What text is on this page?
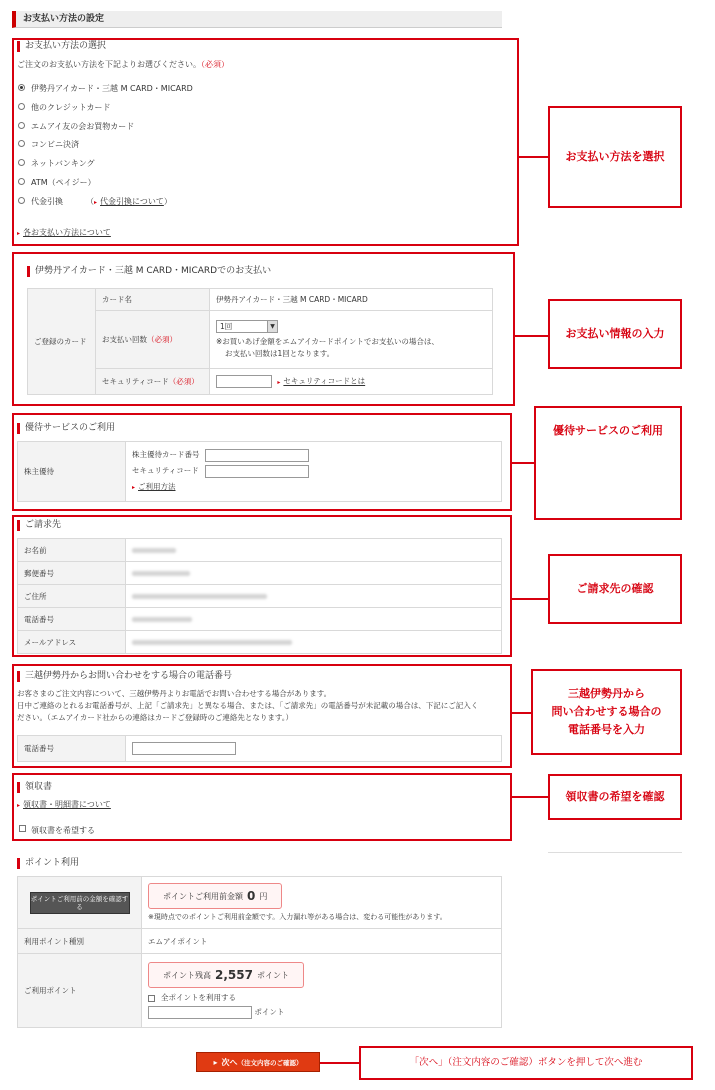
お支払い方法の設定
お支払い方法の選択
ご注文のお支払い方法を下記よりお選びください。（必須）
伊勢丹アイカード・三越 M CARD・MICARD
他のクレジットカード
エムアイ友の会お買物カード
コンビニ決済
ネットバンキング
ATM（ペイジー）
代金引換	（▸ 代金引換について）
▸ 各お支払い方法について
伊勢丹アイカード・三越 M CARD・MICARDでのお支払い
ご登録のカード	カード名	伊勢丹アイカード・三越 M CARD・MICARD
	お支払い回数（必須）	1回 ▼
※お買いあげ金額をエムアイカードポイントでお支払いの場合は、
お支払い回数は1回となります。

	セキュリティコード（必須）	▸ セキュリティコードとは
優待サービスのご利用
株主優待	
株主優待カード番号
セキュリティコード
▸ ご利用方法
ご請求先
お名前	
郵便番号	
ご住所	
電話番号	
メールアドレス	
三越伊勢丹からお問い合わせをする場合の電話番号
お客さまのご注文内容について、三越伊勢丹よりお電話でお問い合わせする場合があります。
日中ご連絡のとれるお電話番号が、上記「ご請求先」と異なる場合、または、「ご請求先」の電話番号が未記載の場合は、下記にご記入く
ださい。（エムアイカード社からの連絡はカードご登録時のご連絡先となります。）
電話番号	
領収書
▸ 領収書・明細書について
領収書を希望する
ポイント利用
ポイントご利用前の金額を確認する	ポイントご利用前金額 0 円
※現時点でのポイントご利用前金額です。入力漏れ等がある場合は、変わる可能性があります。

利用ポイント種別	エムアイポイント
ご利用ポイント	ポイント残高 2,557 ポイント
全ポイントを利用する
ポイント
▸ 次へ （注文内容のご確認）
お支払い方法を選択
お支払い情報の入力
優待サービスのご利用
ご請求先の確認
三越伊勢丹から
問い合わせする場合の
電話番号を入力
領収書の希望を確認
「次へ」（注文内容のご確認）ボタンを押して次へ進む
